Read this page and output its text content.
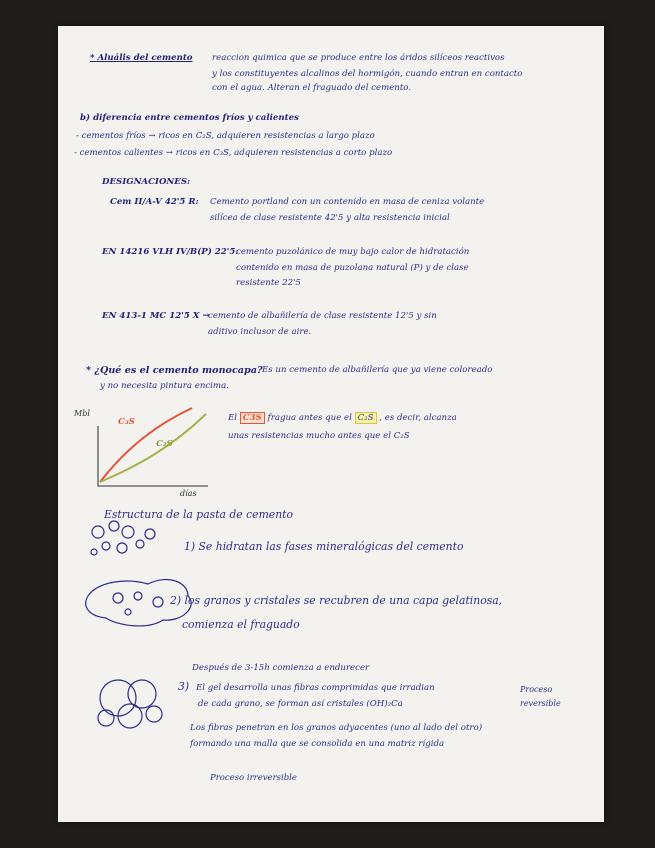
* Aluális del cemento reaccion quimica que se produce entre los áridos silíceos reactivos
y los constituyentes alcalinos del hormigón, cuando entran en contacto
con el agua. Alteran el fraguado del cemento.
b) diferencia entre cementos fríos y calientes
- cementos fríos → ricos en C₂S, adquieren resistencias a largo plazo
- cementos calientes → ricos en C₃S, adquieren resistencias a corto plazo
DESIGNACIONES:
Cem II/A-V 42'5 R: Cemento portland con un contenido en masa de ceniza volante
silícea de clase resistente 42'5 y alta resistencia inicial
EN 14216 VLH IV/B(P) 22'5:
cemento puzolánico de muy bajo calor de hidratación
contenido en masa de puzolana natural (P) y de clase
resistente 22'5
EN 413-1 MC 12'5 X →
cemento de albañilería de clase resistente 12'5 y sin
aditivo inclusor de aire.
* ¿Qué es el cemento monocapa? Es un cemento de albañilería que ya viene coloreado
y no necesita pintura encima.
Mbl
días
C₃S
C₂S
El C3S fragua antes que el C₂S , es decir, alcanza
unas resistencias mucho antes que el C₂S
Estructura de la pasta de cemento
1) Se hidratan las fases mineralógicas del cemento
2) los granos y cristales se recubren de una capa gelatinosa,
comienza el fraguado
Después de 3-15h comienza a endurecer
3) El gel desarrolla unas fibras comprimidas que irradian
de cada grano, se forman así cristales (OH)₂Ca
Los fibras penetran en los granos adyacentes (uno al lado del otro)
formando una malla que se consolida en una matriz rígida
Proceso
reversible
Proceso irreversible
